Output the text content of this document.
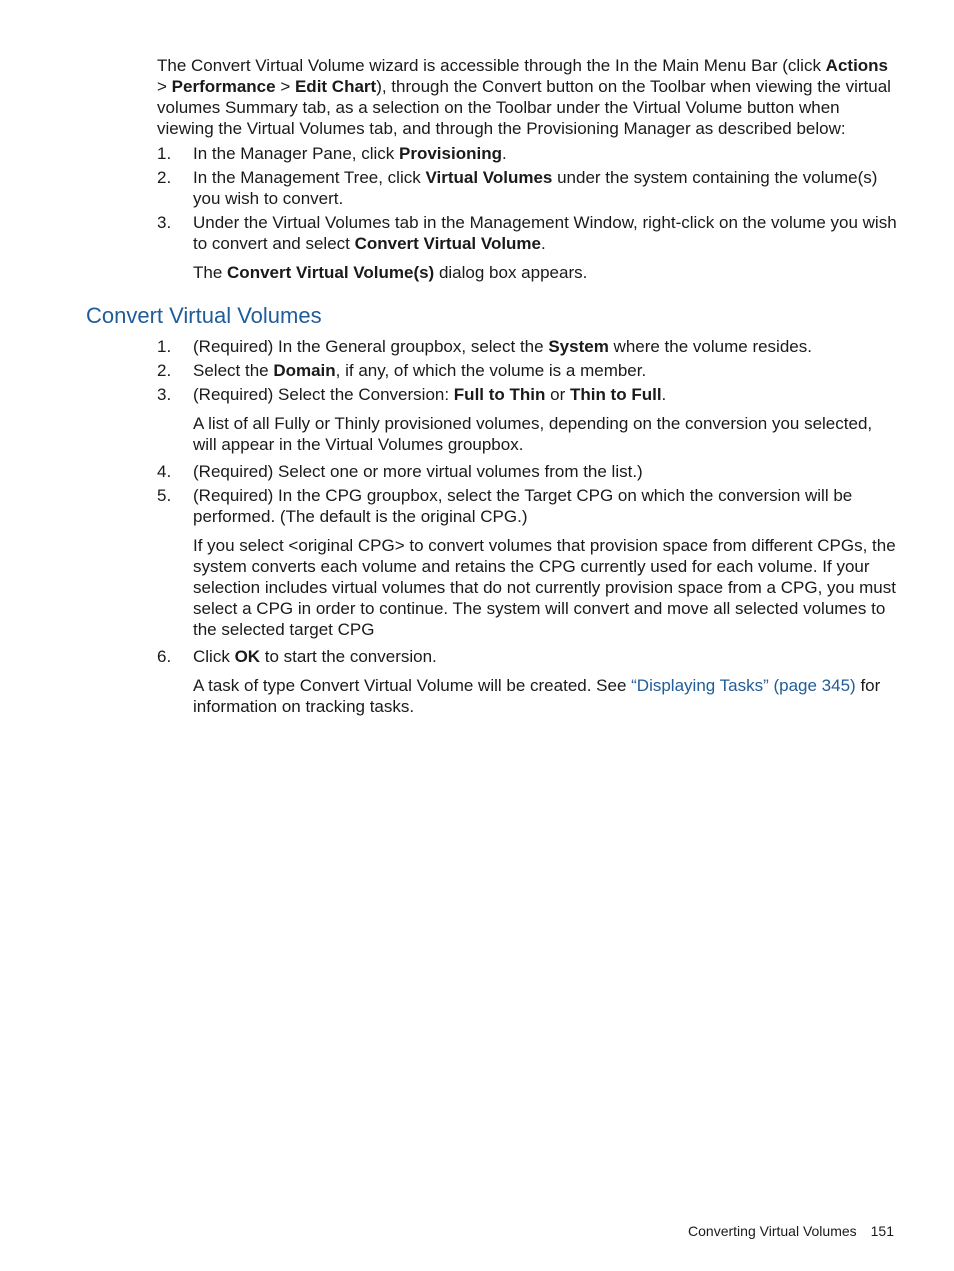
The Convert Virtual Volume wizard is accessible through the In the Main Menu Bar (click Actions > Performance > Edit Chart), through the Convert button on the Toolbar when viewing the virtual volumes Summary tab, as a selection on the Toolbar under the Virtual Volume button when viewing the Virtual Volumes tab, and through the Provisioning Manager as described below:

1. In the Manager Pane, click Provisioning.
2. In the Management Tree, click Virtual Volumes under the system containing the volume(s) you wish to convert.
3. Under the Virtual Volumes tab in the Management Window, right-click on the volume you wish to convert and select Convert Virtual Volume.
The Convert Virtual Volume(s) dialog box appears.
Convert Virtual Volumes
1. (Required) In the General groupbox, select the System where the volume resides.
2. Select the Domain, if any, of which the volume is a member.
3. (Required) Select the Conversion: Full to Thin or Thin to Full.
A list of all Fully or Thinly provisioned volumes, depending on the conversion you selected, will appear in the Virtual Volumes groupbox.
4. (Required) Select one or more virtual volumes from the list.)
5. (Required) In the CPG groupbox, select the Target CPG on which the conversion will be performed. (The default is the original CPG.)
If you select <original CPG> to convert volumes that provision space from different CPGs, the system converts each volume and retains the CPG currently used for each volume. If your selection includes virtual volumes that do not currently provision space from a CPG, you must select a CPG in order to continue. The system will convert and move all selected volumes to the selected target CPG
6. Click OK to start the conversion.
A task of type Convert Virtual Volume will be created. See “Displaying Tasks” (page 345) for information on tracking tasks.
Converting Virtual Volumes 151
